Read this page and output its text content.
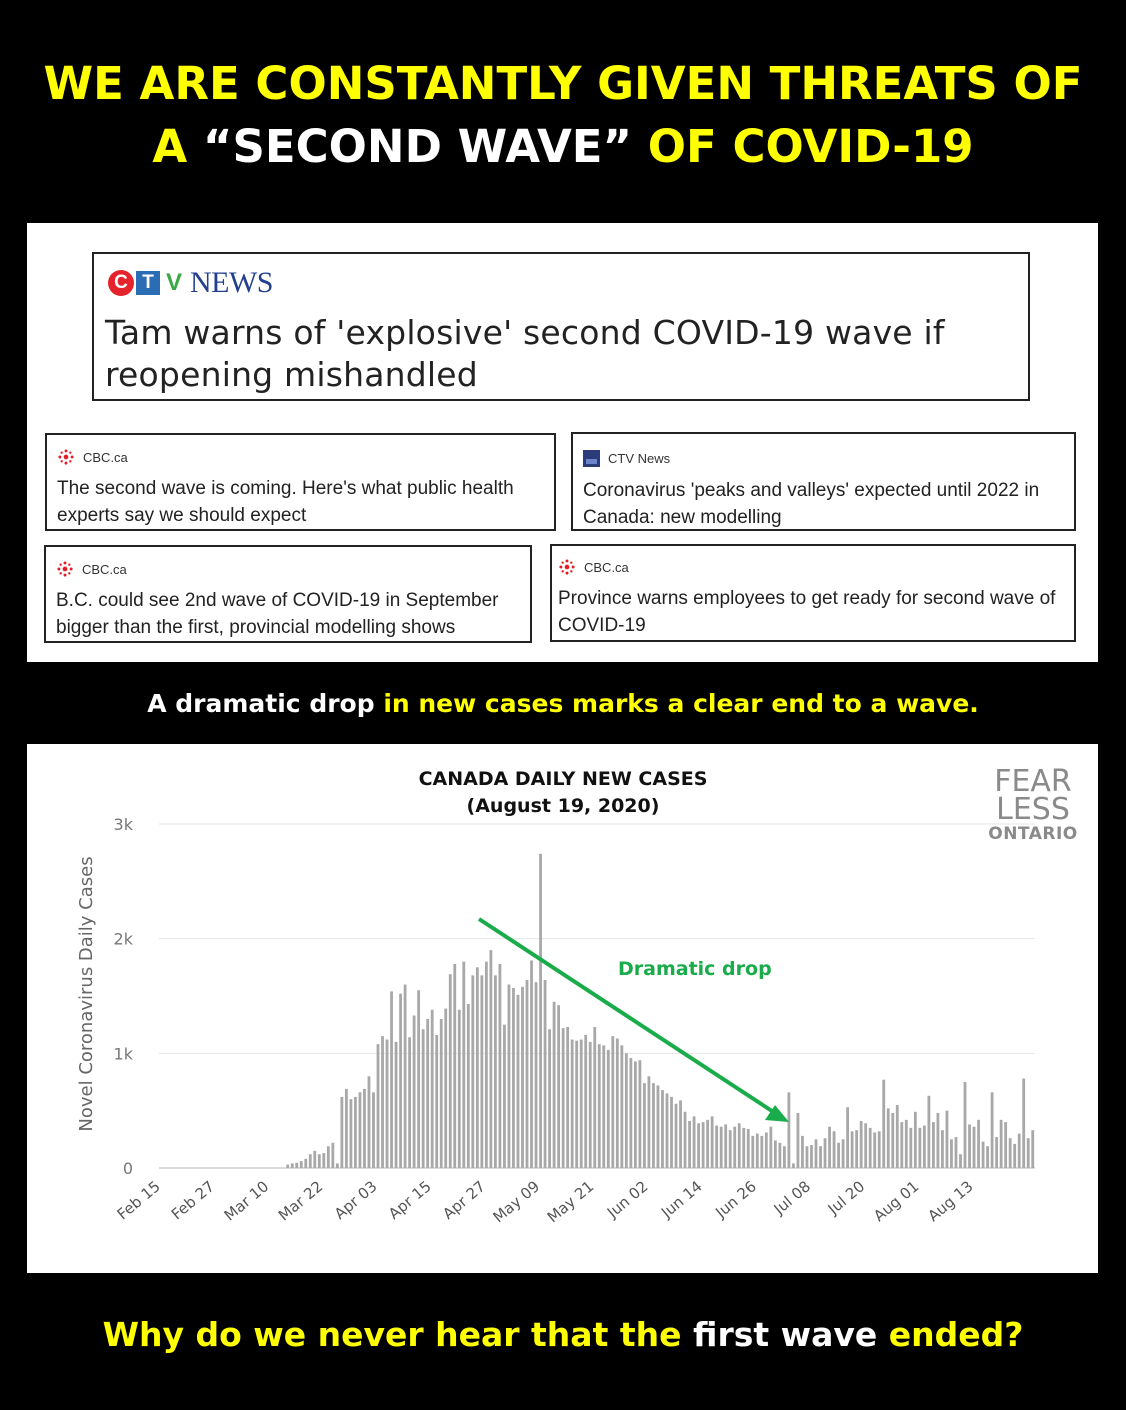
WE ARE CONSTANTLY GIVEN THREATS OF
A “SECOND WAVE” OF COVID-19
C T V NEWS
Tam warns of 'explosive' second COVID-19 wave if reopening mishandled
CBC.ca
The second wave is coming. Here's what public health experts say we should expect
CTV News
Coronavirus 'peaks and valleys' expected until 2022 in Canada: new modelling
CBC.ca
B.C. could see 2nd wave of COVID-19 in September bigger than the first, provincial modelling shows
CBC.ca
Province warns employees to get ready for second wave of COVID-19
A dramatic drop in new cases marks a clear end to a wave.
0
1k
2k
3k
Feb 15 Feb 27 Mar 10 Mar 22 Apr 03 Apr 15 Apr 27 May 09 May 21 Jun 02 Jun 14 Jun 26 Jul 08 Jul 20 Aug 01 Aug 13
CANADA DAILY NEW CASES
(August 19, 2020)
Novel Coronavirus Daily Cases	Dramatic drop
FEAR
LESS
ONTARIO
Why do we never hear that the first wave ended?
